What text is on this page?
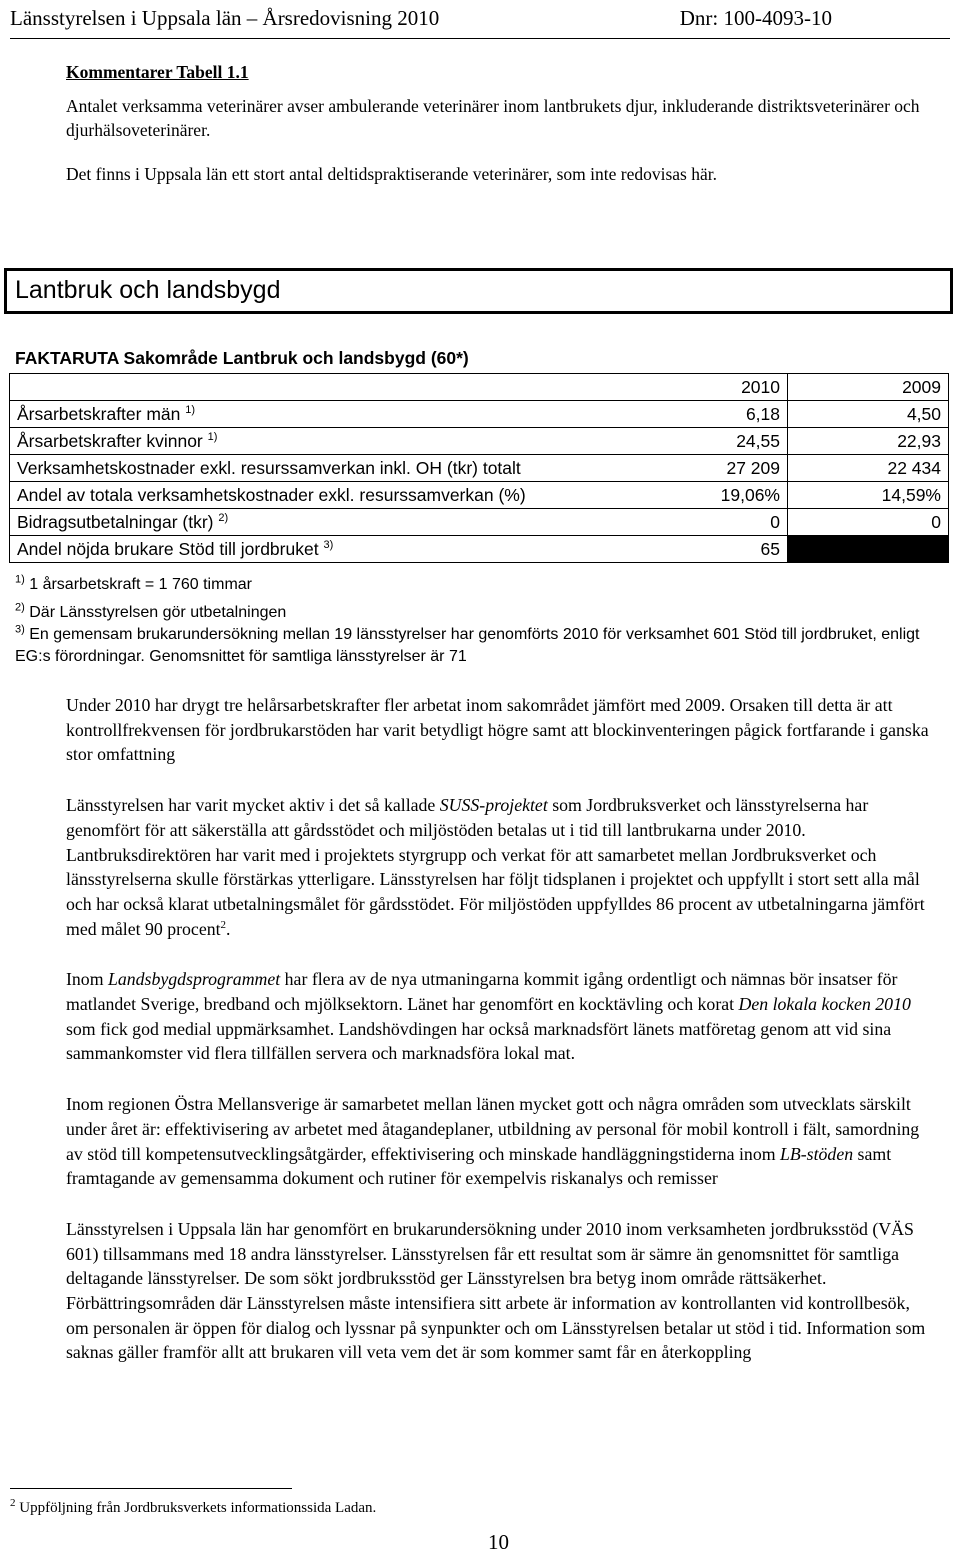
Länsstyrelsen i Uppsala län – Årsredovisning 2010	Dnr: 100-4093-10

Kommentarer Tabell 1.1

Antalet verksamma veterinärer avser ambulerande veterinärer inom lantbrukets djur, inkluderande distriktsveterinärer och djurhälsoveterinärer.

Det finns i Uppsala län ett stort antal deltidspraktiserande veterinärer, som inte redovisas här.

Lantbruk och landsbygd
FAKTARUTA Sakområde Lantbruk och landsbygd (60*)
	2010	2009
Årsarbetskrafter män $^{1)}$	6,18	4,50
Årsarbetskrafter kvinnor $^{1)}$	24,55	22,93
Verksamhetskostnader exkl. resurssamverkan inkl. OH (tkr) totalt	27 209	22 434
Andel av totala verksamhetskostnader exkl. resurssamverkan (%)	19,06%	14,59%
Bidragsutbetalningar (tkr) $^{2)}$	0	0
Andel nöjda brukare Stöd till jordbruket $^{3)}$	65	

$^{1)}$ 1 årsarbetskraft = 1 760 timmar

$^{2)}$ Där Länsstyrelsen gör utbetalningen

$^{3)}$ En gemensam brukarundersökning mellan 19 länsstyrelser har genomförts 2010 för verksamhet 601 Stöd till jordbruket, enligt EG:s förordningar. Genomsnittet för samtliga länsstyrelser är 71

Under 2010 har drygt tre helårsarbetskrafter fler arbetat inom sakområdet jämfört med 2009. Orsaken till detta är att kontrollfrekvensen för jordbrukarstöden har varit betydligt högre samt att blockinventeringen pågick fortfarande i ganska stor omfattning

Länsstyrelsen har varit mycket aktiv i det så kallade SUSS-projektet som Jordbruksverket och länsstyrelserna har genomfört för att säkerställa att gårdsstödet och miljöstöden betalas ut i tid till lantbrukarna under 2010. Lantbruksdirektören har varit med i projektets styrgrupp och verkat för att samarbetet mellan Jordbruksverket och länsstyrelserna skulle förstärkas ytterligare. Länsstyrelsen har följt tidsplanen i projektet och uppfyllt i stort sett alla mål och har också klarat utbetalningsmålet för gårdsstödet. För miljöstöden uppfylldes 86 procent av utbetalningarna jämfört med målet 90 procent$^2$.

Inom Landsbygdsprogrammet har flera av de nya utmaningarna kommit igång ordentligt och nämnas bör insatser för matlandet Sverige, bredband och mjölksektorn. Länet har genomfört en kocktävling och korat Den lokala kocken 2010 som fick god medial uppmärksamhet. Landshövdingen har också marknadsfört länets matföretag genom att vid sina sammankomster vid flera tillfällen servera och marknadsföra lokal mat.

Inom regionen Östra Mellansverige är samarbetet mellan länen mycket gott och några områden som utvecklats särskilt under året är: effektivisering av arbetet med åtagandeplaner, utbildning av personal för mobil kontroll i fält, samordning av stöd till kompetensutvecklingsåtgärder, effektivisering och minskade handläggningstiderna inom LB-stöden samt framtagande av gemensamma dokument och rutiner för exempelvis riskanalys och remisser

Länsstyrelsen i Uppsala län har genomfört en brukarundersökning under 2010 inom verksamheten jordbruksstöd (VÄS 601) tillsammans med 18 andra länsstyrelser. Länsstyrelsen får ett resultat som är sämre än genomsnittet för samtliga deltagande länsstyrelser. De som sökt jordbruksstöd ger Länsstyrelsen bra betyg inom område rättsäkerhet. Förbättringsområden där Länsstyrelsen måste intensifiera sitt arbete är information av kontrollanten vid kontrollbesök, om personalen är öppen för dialog och lyssnar på synpunkter och om Länsstyrelsen betalar ut stöd i tid. Information som saknas gäller framför allt att brukaren vill veta vem det är som kommer samt får en återkoppling

$^2$ Uppföljning från Jordbruksverkets informationssida Ladan.
10
